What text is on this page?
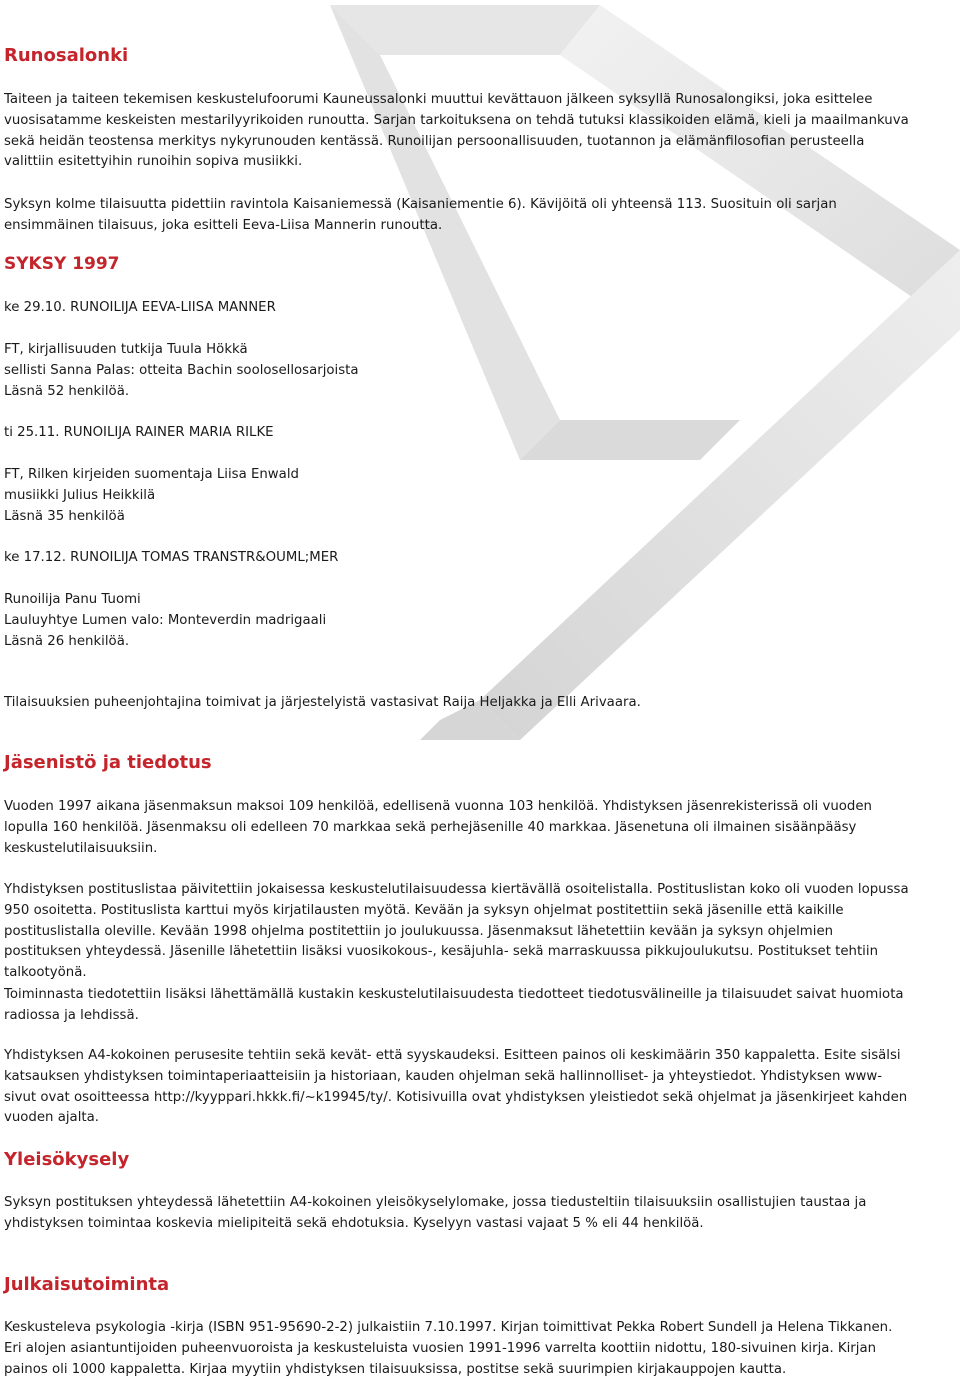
Runosalonki

Taiteen ja taiteen tekemisen keskustelufoorumi Kauneussalonki muuttui kevättauon jälkeen syksyllä Runosalongiksi, joka esittelee vuosisatamme keskeisten mestarilyyrikoiden runoutta. Sarjan tarkoituksena on tehdä tutuksi klassikoiden elämä, kieli ja maailmankuva sekä heidän teostensa merkitys nykyrunouden kentässä. Runoilijan persoonallisuuden, tuotannon ja elämänfilosofian perusteella valittiin esitettyihin runoihin sopiva musiikki.

Syksyn kolme tilaisuutta pidettiin ravintola Kaisaniemessä (Kaisaniementie 6). Kävijöitä oli yhteensä 113. Suosituin oli sarjan ensimmäinen tilaisuus, joka esitteli Eeva-Liisa Mannerin runoutta.

SYKSY 1997
ke 29.10. RUNOILIJA EEVA-LIISA MANNER
FT, kirjallisuuden tutkija Tuula Hökkä
sellisti Sanna Palas: otteita Bachin soolosellosarjoista
Läsnä 52 henkilöä.
ti 25.11. RUNOILIJA RAINER MARIA RILKE
FT, Rilken kirjeiden suomentaja Liisa Enwald
musiikki Julius Heikkilä
Läsnä 35 henkilöä
ke 17.12. RUNOILIJA TOMAS TRANSTR&OUML;MER
Runoilija Panu Tuomi
Lauluyhtye Lumen valo: Monteverdin madrigaali
Läsnä 26 henkilöä.

Tilaisuuksien puheenjohtajina toimivat ja järjestelyistä vastasivat Raija Heljakka ja Elli Arivaara.

Jäsenistö ja tiedotus

Vuoden 1997 aikana jäsenmaksun maksoi 109 henkilöä, edellisenä vuonna 103 henkilöä. Yhdistyksen jäsenrekisterissä oli vuoden lopulla 160 henkilöä. Jäsenmaksu oli edelleen 70 markkaa sekä perhejäsenille 40 markkaa. Jäsenetuna oli ilmainen sisäänpääsy keskustelutilaisuuksiin.

Yhdistyksen postituslistaa päivitettiin jokaisessa keskustelutilaisuudessa kiertävällä osoitelistalla. Postituslistan koko oli vuoden lopussa 950 osoitetta. Postituslista karttui myös kirjatilausten myötä. Kevään ja syksyn ohjelmat postitettiin sekä jäsenille että kaikille postituslistalla oleville. Kevään 1998 ohjelma postitettiin jo joulukuussa. Jäsenmaksut lähetettiin kevään ja syksyn ohjelmien postituksen yhteydessä. Jäsenille lähetettiin lisäksi vuosikokous-, kesäjuhla- sekä marraskuussa pikkujoulukutsu. Postitukset tehtiin talkootyönä.

Toiminnasta tiedotettiin lisäksi lähettämällä kustakin keskustelutilaisuudesta tiedotteet tiedotusvälineille ja tilaisuudet saivat huomiota radiossa ja lehdissä.

Yhdistyksen A4-kokoinen perusesite tehtiin sekä kevät- että syyskaudeksi. Esitteen painos oli keskimäärin 350 kappaletta. Esite sisälsi katsauksen yhdistyksen toimintaperiaatteisiin ja historiaan, kauden ohjelman sekä hallinnolliset- ja yhteystiedot. Yhdistyksen www-sivut ovat osoitteessa http://kyyppari.hkkk.fi/~k19945/ty/. Kotisivuilla ovat yhdistyksen yleistiedot sekä ohjelmat ja jäsenkirjeet kahden vuoden ajalta.

Yleisökysely

Syksyn postituksen yhteydessä lähetettiin A4-kokoinen yleisökyselylomake, jossa tiedusteltiin tilaisuuksiin osallistujien taustaa ja yhdistyksen toimintaa koskevia mielipiteitä sekä ehdotuksia. Kyselyyn vastasi vajaat 5 % eli 44 henkilöä.

Julkaisutoiminta

Keskusteleva psykologia -kirja (ISBN 951-95690-2-2) julkaistiin 7.10.1997. Kirjan toimittivat Pekka Robert Sundell ja Helena Tikkanen. Eri alojen asiantuntijoiden puheenvuoroista ja keskusteluista vuosien 1991-1996 varrelta koottiin nidottu, 180-sivuinen kirja. Kirjan painos oli 1000 kappaletta. Kirjaa myytiin yhdistyksen tilaisuuksissa, postitse sekä suurimpien kirjakauppojen kautta.
